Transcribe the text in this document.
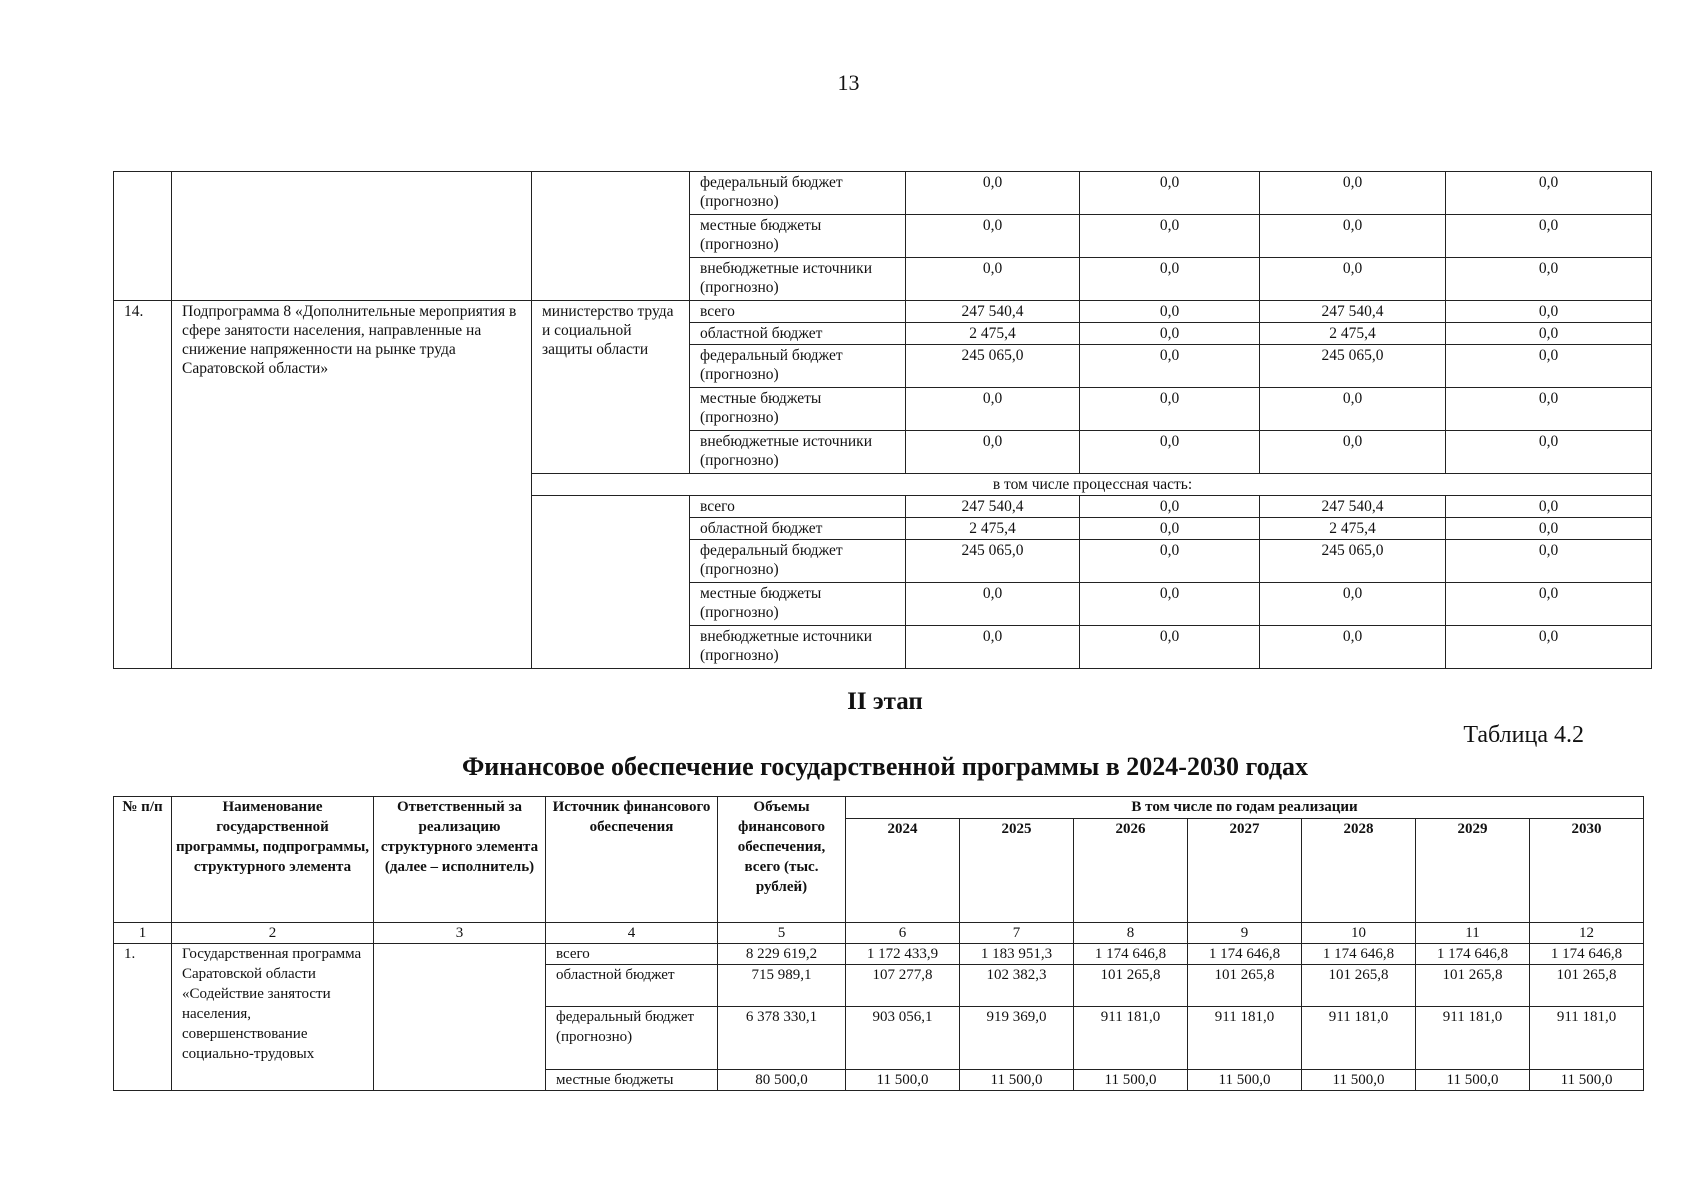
13
			федеральный бюджет (прогнозно)	0,0	0,0	0,0	0,0
			местные бюджеты (прогнозно)	0,0	0,0	0,0	0,0
			внебюджетные источники (прогнозно)	0,0	0,0	0,0	0,0
14.	Подпрограмма 8 «Дополнительные мероприятия в сфере занятости населения, направленные на снижение напряженности на рынке труда Саратовской области»	министерство труда и социальной защиты области	всего	247 540,4	0,0	247 540,4	0,0
			областной бюджет	2 475,4	0,0	2 475,4	0,0
			федеральный бюджет (прогнозно)	245 065,0	0,0	245 065,0	0,0
			местные бюджеты (прогнозно)	0,0	0,0	0,0	0,0
			внебюджетные источники (прогнозно)	0,0	0,0	0,0	0,0
		в том числе процессная часть:					
			всего	247 540,4	0,0	247 540,4	0,0
			областной бюджет	2 475,4	0,0	2 475,4	0,0
			федеральный бюджет (прогнозно)	245 065,0	0,0	245 065,0	0,0
			местные бюджеты (прогнозно)	0,0	0,0	0,0	0,0
			внебюджетные источники (прогнозно)	0,0	0,0	0,0	0,0
II этап
Таблица 4.2
Финансовое обеспечение государственной программы в 2024-2030 годах
№ п/п	Наименование государственной программы, подпрограммы, структурного элемента	Ответственный за реализацию структурного элемента (далее – исполнитель)	Источник финансового обеспечения	Объемы финансового обеспечения, всего (тыс. рублей)	В том числе по годам реализации						
					2024	2025	2026	2027	2028	2029	2030
1	2	3	4	5	6	7	8	9	10	11	12
1.	Государственная программа Саратовской области «Содействие занятости населения, совершенствование социально-трудовых		всего	8 229 619,2	1 172 433,9	1 183 951,3	1 174 646,8	1 174 646,8	1 174 646,8	1 174 646,8	1 174 646,8
			областной бюджет	715 989,1	107 277,8	102 382,3	101 265,8	101 265,8	101 265,8	101 265,8	101 265,8
			федеральный бюджет (прогнозно)	6 378 330,1	903 056,1	919 369,0	911 181,0	911 181,0	911 181,0	911 181,0	911 181,0
			местные бюджеты	80 500,0	11 500,0	11 500,0	11 500,0	11 500,0	11 500,0	11 500,0	11 500,0
